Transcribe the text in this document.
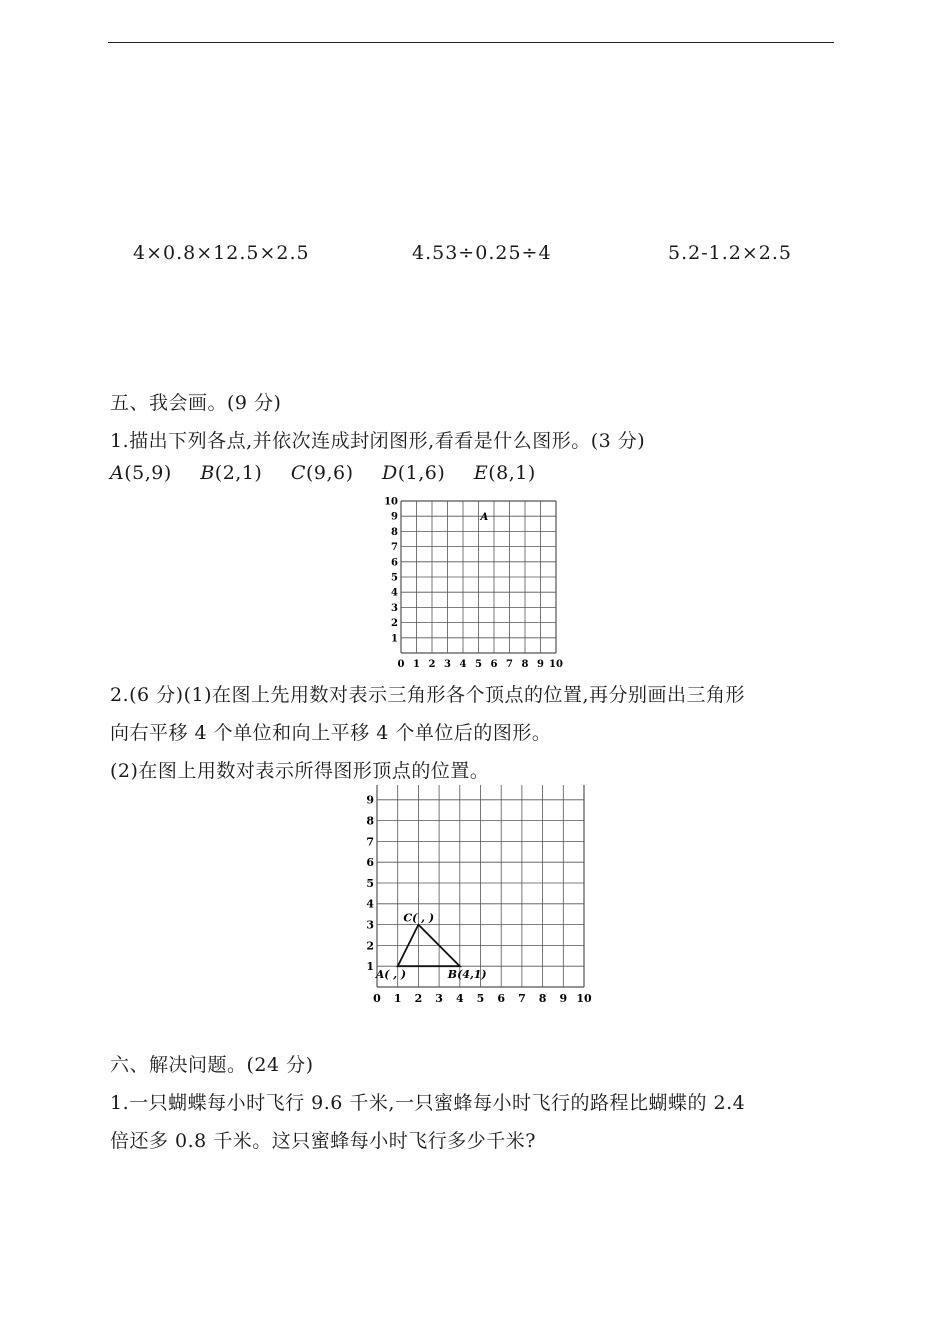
4×0.8×12.5×2.5	4.53÷0.25÷4	5.2-1.2×2.5
五、我会画。(9 分)
1.描出下列各点,并依次连成封闭图形,看看是什么图形。(3 分)
A(5,9) B(2,1) C(9,6) D(1,6) E(8,1)
0 1 2 3 4 5 6 7 8 9 10
1
2
3
4
5
6
7
8
9
10
A
2.(6 分)(1)在图上先用数对表示三角形各个顶点的位置,再分别画出三角形
向右平移 4 个单位和向上平移 4 个单位后的图形。
(2)在图上用数对表示所得图形顶点的位置。
0 1 2 3 4 5 6 7 8 9 10
1
2
3
4
5
6
7
8
9
A( , )	B(4,1)
C( , )
六、解决问题。(24 分)
1.一只蝴蝶每小时飞行 9.6 千米,一只蜜蜂每小时飞行的路程比蝴蝶的 2.4
倍还多 0.8 千米。这只蜜蜂每小时飞行多少千米?
